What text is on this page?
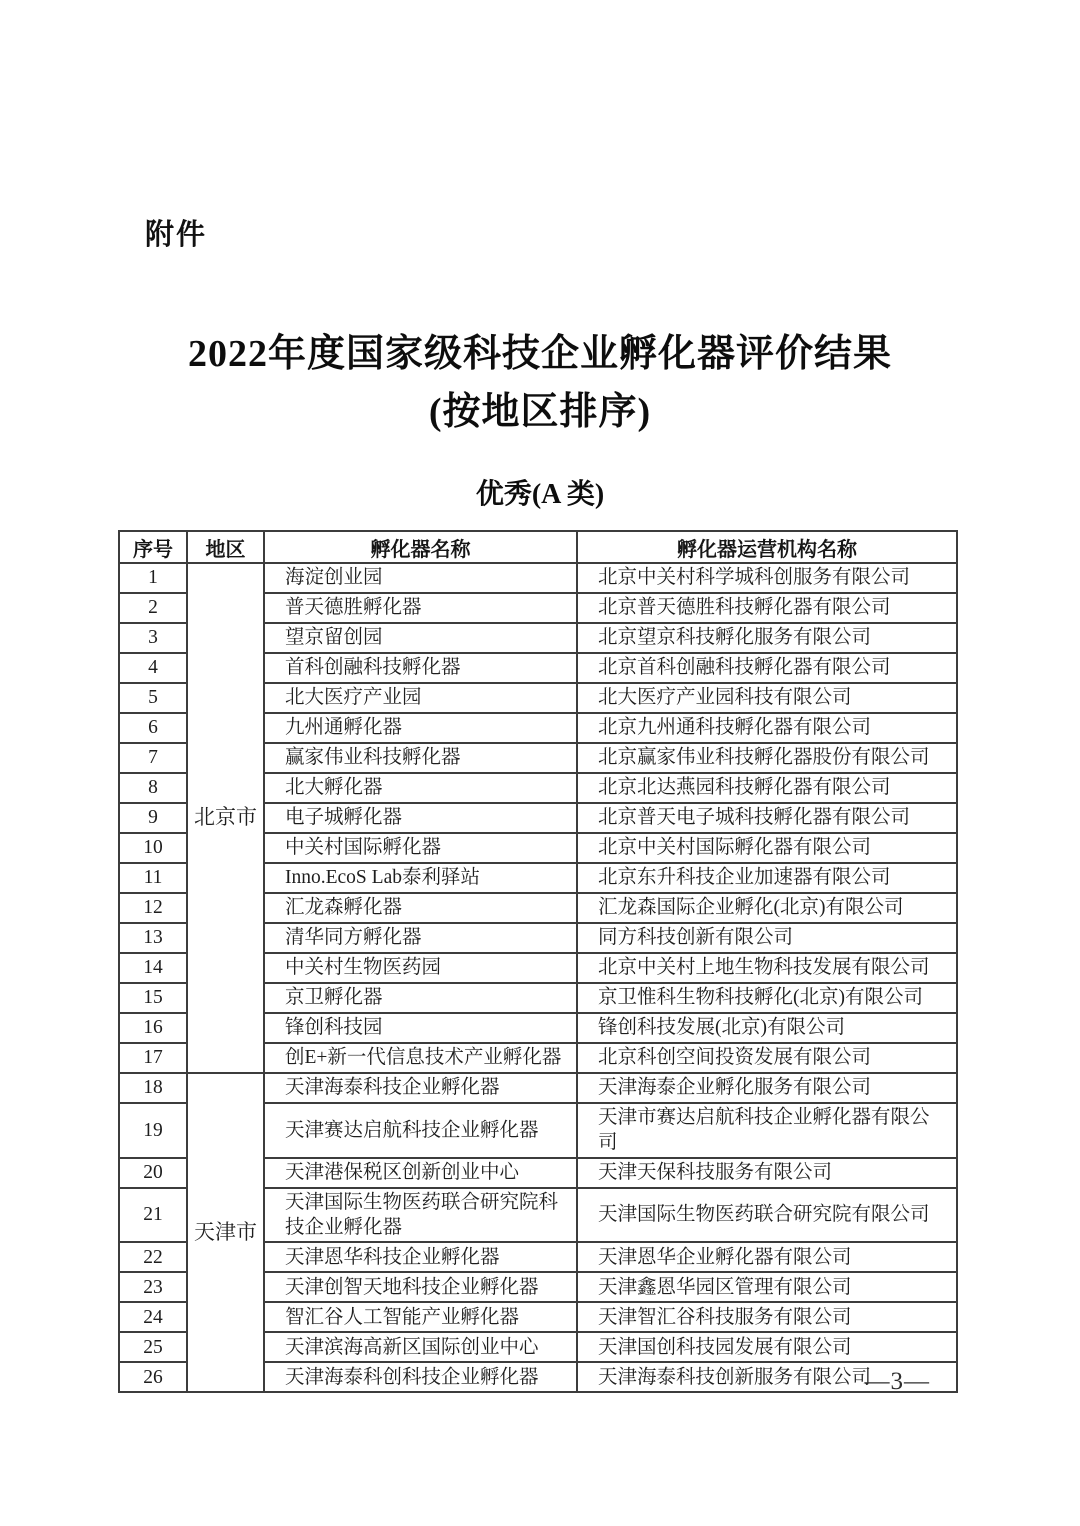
附件
2022年度国家级科技企业孵化器评价结果
(按地区排序)
优秀(A 类)
序号	地区	孵化器名称	孵化器运营机构名称
1	北京市	海淀创业园	北京中关村科学城科创服务有限公司
2		普天德胜孵化器	北京普天德胜科技孵化器有限公司
3		望京留创园	北京望京科技孵化服务有限公司
4		首科创融科技孵化器	北京首科创融科技孵化器有限公司
5		北大医疗产业园	北大医疗产业园科技有限公司
6		九州通孵化器	北京九州通科技孵化器有限公司
7		赢家伟业科技孵化器	北京赢家伟业科技孵化器股份有限公司
8		北大孵化器	北京北达燕园科技孵化器有限公司
9		电子城孵化器	北京普天电子城科技孵化器有限公司
10		中关村国际孵化器	北京中关村国际孵化器有限公司
11		Inno.EcoS Lab泰利驿站	北京东升科技企业加速器有限公司
12		汇龙森孵化器	汇龙森国际企业孵化(北京)有限公司
13		清华同方孵化器	同方科技创新有限公司
14		中关村生物医药园	北京中关村上地生物科技发展有限公司
15		京卫孵化器	京卫惟科生物科技孵化(北京)有限公司
16		锋创科技园	锋创科技发展(北京)有限公司
17		创E+新一代信息技术产业孵化器	北京科创空间投资发展有限公司
18	天津市	天津海泰科技企业孵化器	天津海泰企业孵化服务有限公司
19		天津赛达启航科技企业孵化器	天津市赛达启航科技企业孵化器有限公司
20		天津港保税区创新创业中心	天津天保科技服务有限公司
21		天津国际生物医药联合研究院科技企业孵化器	天津国际生物医药联合研究院有限公司
22		天津恩华科技企业孵化器	天津恩华企业孵化器有限公司
23		天津创智天地科技企业孵化器	天津鑫恩华园区管理有限公司
24		智汇谷人工智能产业孵化器	天津智汇谷科技服务有限公司
25		天津滨海高新区国际创业中心	天津国创科技园发展有限公司
26		天津海泰科创科技企业孵化器	天津海泰科技创新服务有限公司
—3—
